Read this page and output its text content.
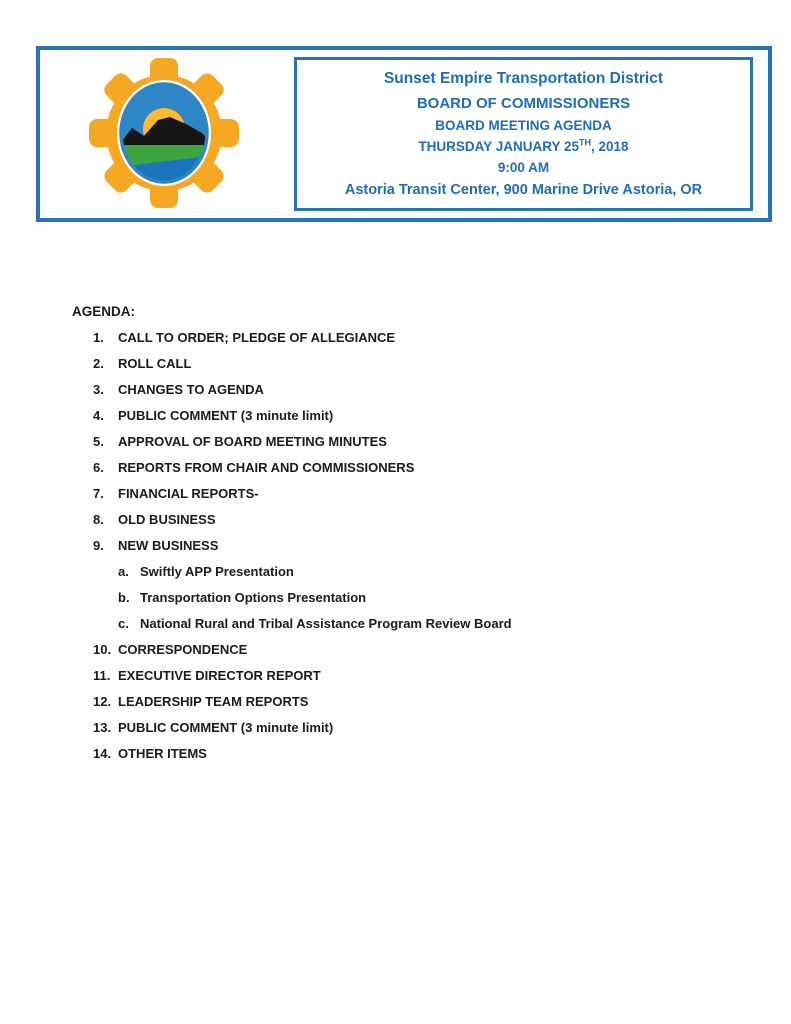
Sunset Empire Transportation District
BOARD OF COMMISSIONERS
BOARD MEETING AGENDA
THURSDAY JANUARY 25TH, 2018
9:00 AM
Astoria Transit Center, 900 Marine Drive Astoria, OR
AGENDA:
1.	CALL TO ORDER; PLEDGE OF ALLEGIANCE
2.	ROLL CALL
3.	CHANGES TO AGENDA
4.	PUBLIC COMMENT (3 minute limit)
5.	APPROVAL OF BOARD MEETING MINUTES
6.	REPORTS FROM CHAIR AND COMMISSIONERS
7.	FINANCIAL REPORTS-
8.	OLD BUSINESS
9.	NEW BUSINESS
a. Swiftly APP Presentation
b. Transportation Options Presentation
c. National Rural and Tribal Assistance Program Review Board
10. CORRESPONDENCE
11. EXECUTIVE DIRECTOR REPORT
12. LEADERSHIP TEAM REPORTS
13. PUBLIC COMMENT (3 minute limit)
14. OTHER ITEMS
